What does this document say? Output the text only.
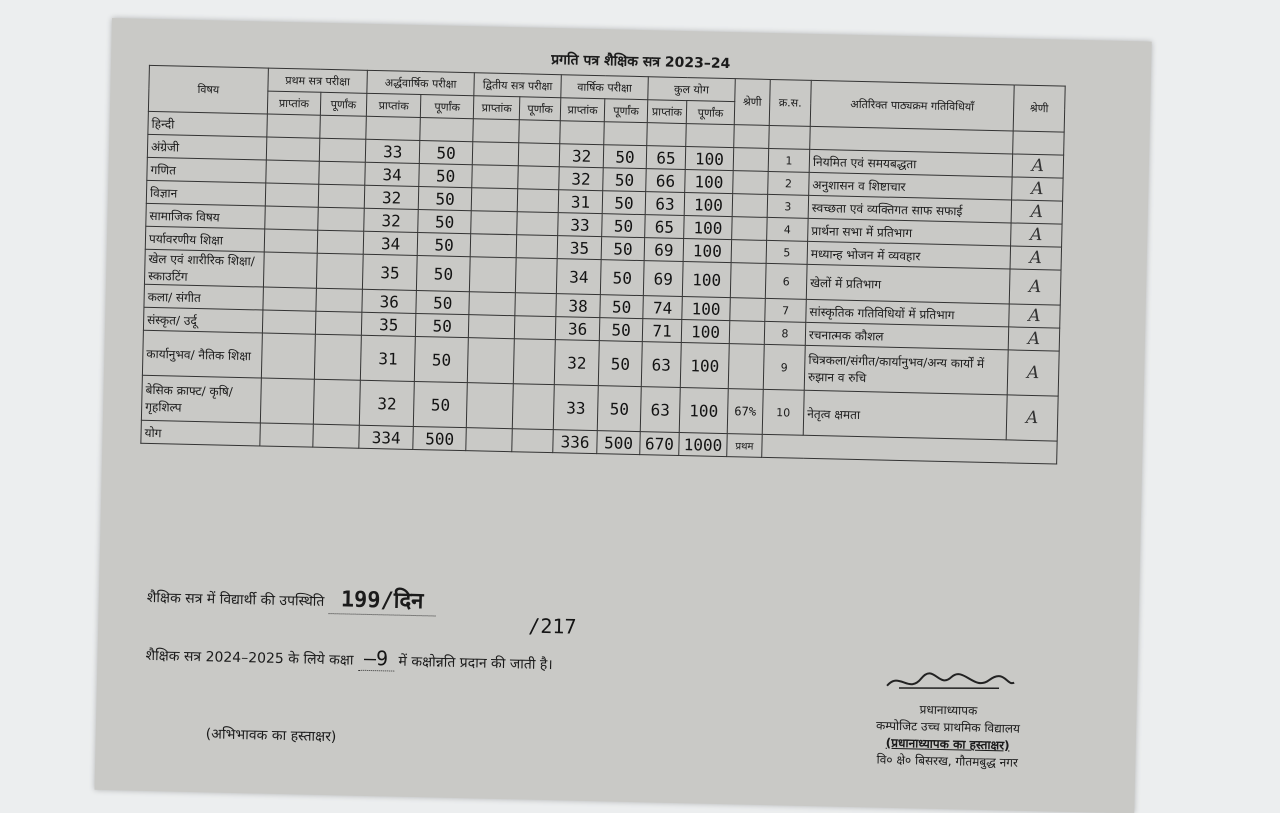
प्रगति पत्र शैक्षिक सत्र 2023–24
विषय	प्रथम सत्र परीक्षा		अर्द्धवार्षिक परीक्षा		द्वितीय सत्र परीक्षा		वार्षिक परीक्षा		कुल योग		श्रेणी	क्र.स.	अतिरिक्त पाठ्यक्रम गतिविधियाँ	श्रेणी

	प्राप्तांक	पूर्णांक	प्राप्तांक	पूर्णांक	प्राप्तांक	पूर्णांक	प्राप्तांक	पूर्णांक	प्राप्तांक	पूर्णांक				
हिन्दी														
अंग्रेजी			33	50			32	50	65	100		1	नियमित एवं समयबद्धता	A
गणित			34	50			32	50	66	100		2	अनुशासन व शिष्टाचार	A
विज्ञान			32	50			31	50	63	100		3	स्वच्छता एवं व्यक्तिगत साफ सफाई	A
सामाजिक विषय			32	50			33	50	65	100		4	प्रार्थना सभा में प्रतिभाग	A
पर्यावरणीय शिक्षा			34	50			35	50	69	100		5	मध्यान्ह भोजन में व्यवहार	A
खेल एवं शारीरिक शिक्षा/स्काउटिंग			35	50			34	50	69	100		6	खेलों में प्रतिभाग	A
कला/ संगीत			36	50			38	50	74	100		7	सांस्कृतिक गतिविधियों में प्रतिभाग	A
संस्कृत/ उर्दू			35	50			36	50	71	100		8	रचनात्मक कौशल	A
कार्यानुभव/ नैतिक शिक्षा			31	50			32	50	63	100		9	चित्रकला/संगीत/कार्यानुभव/अन्य कार्यों में रुझान व रुचि	A
बेसिक क्राफ्ट/ कृषि/ गृहशिल्प			32	50			33	50	63	100	67%	10	नेतृत्व क्षमता	A
योग			334	500			336	500	670	1000	प्रथम			
शैक्षिक सत्र में विद्यार्थी की उपस्थिति 199/दिन
/217
शैक्षिक सत्र 2024–2025 के लिये कक्षा –9 में कक्षोन्नति प्रदान की जाती है।
(अभिभावक का हस्ताक्षर)
प्रधानाध्यापक
कम्पोजिट उच्च प्राथमिक विद्यालय
(प्रधानाध्यापक का हस्ताक्षर)
वि० क्षे० बिसरख, गौतमबुद्ध नगर
